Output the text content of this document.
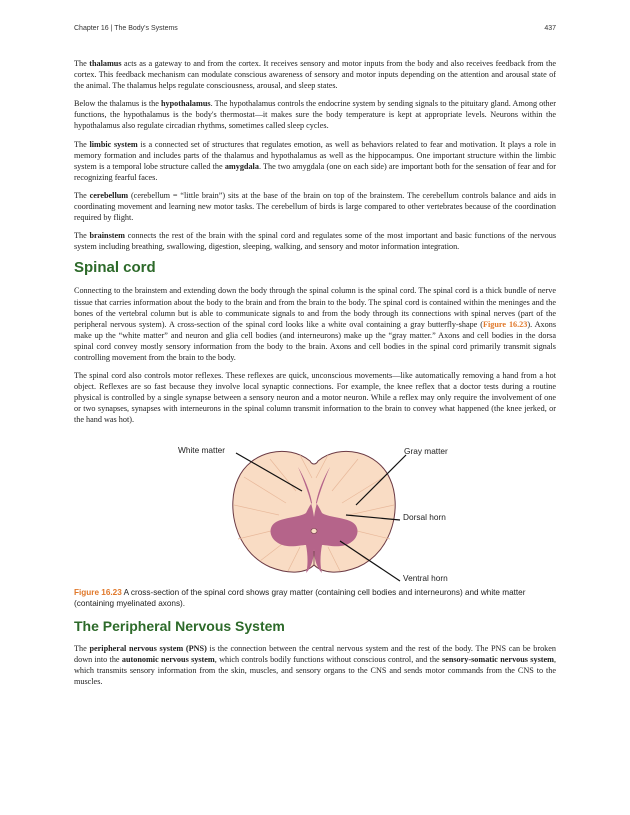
Chapter 16 | The Body's Systems	437

The thalamus acts as a gateway to and from the cortex. It receives sensory and motor inputs from the body and also receives feedback from the cortex. This feedback mechanism can modulate conscious awareness of sensory and motor inputs depending on the attention and arousal state of the animal. The thalamus helps regulate consciousness, arousal, and sleep states.

Below the thalamus is the hypothalamus. The hypothalamus controls the endocrine system by sending signals to the pituitary gland. Among other functions, the hypothalamus is the body's thermostat—it makes sure the body temperature is kept at appropriate levels. Neurons within the hypothalamus also regulate circadian rhythms, sometimes called sleep cycles.

The limbic system is a connected set of structures that regulates emotion, as well as behaviors related to fear and motivation. It plays a role in memory formation and includes parts of the thalamus and hypothalamus as well as the hippocampus. One important structure within the limbic system is a temporal lobe structure called the amygdala. The two amygdala (one on each side) are important both for the sensation of fear and for recognizing fearful faces.

The cerebellum (cerebellum = “little brain”) sits at the base of the brain on top of the brainstem. The cerebellum controls balance and aids in coordinating movement and learning new motor tasks. The cerebellum of birds is large compared to other vertebrates because of the coordination required by flight.

The brainstem connects the rest of the brain with the spinal cord and regulates some of the most important and basic functions of the nervous system including breathing, swallowing, digestion, sleeping, walking, and sensory and motor information integration.

Spinal cord

Connecting to the brainstem and extending down the body through the spinal column is the spinal cord. The spinal cord is a thick bundle of nerve tissue that carries information about the body to the brain and from the brain to the body. The spinal cord is contained within the meninges and the bones of the vertebral column but is able to communicate signals to and from the body through its connections with spinal nerves (part of the peripheral nervous system). A cross-section of the spinal cord looks like a white oval containing a gray butterfly-shape (Figure 16.23). Axons make up the “white matter” and neuron and glia cell bodies (and interneurons) make up the “gray matter.” Axons and cell bodies in the dorsa spinal cord convey mostly sensory information from the body to the brain. Axons and cell bodies in the spinal cord primarily transmit signals controlling movement from the brain to the body.

The spinal cord also controls motor reflexes. These reflexes are quick, unconscious movements—like automatically removing a hand from a hot object. Reflexes are so fast because they involve local synaptic connections. For example, the knee reflex that a doctor tests during a routine physical is controlled by a single synapse between a sensory neuron and a motor neuron. While a reflex may only require the involvement of one or two synapses, synapses with interneurons in the spinal column transmit information to the brain to convey what happened (the knee jerked, or the hand was hot).

White matter	Gray matter
Dorsal horn
Ventral horn

Figure 16.23 A cross-section of the spinal cord shows gray matter (containing cell bodies and interneurons) and white matter (containing myelinated axons).

The Peripheral Nervous System

The peripheral nervous system (PNS) is the connection between the central nervous system and the rest of the body. The PNS can be broken down into the autonomic nervous system, which controls bodily functions without conscious control, and the sensory-somatic nervous system, which transmits sensory information from the skin, muscles, and sensory organs to the CNS and sends motor commands from the CNS to the muscles.
